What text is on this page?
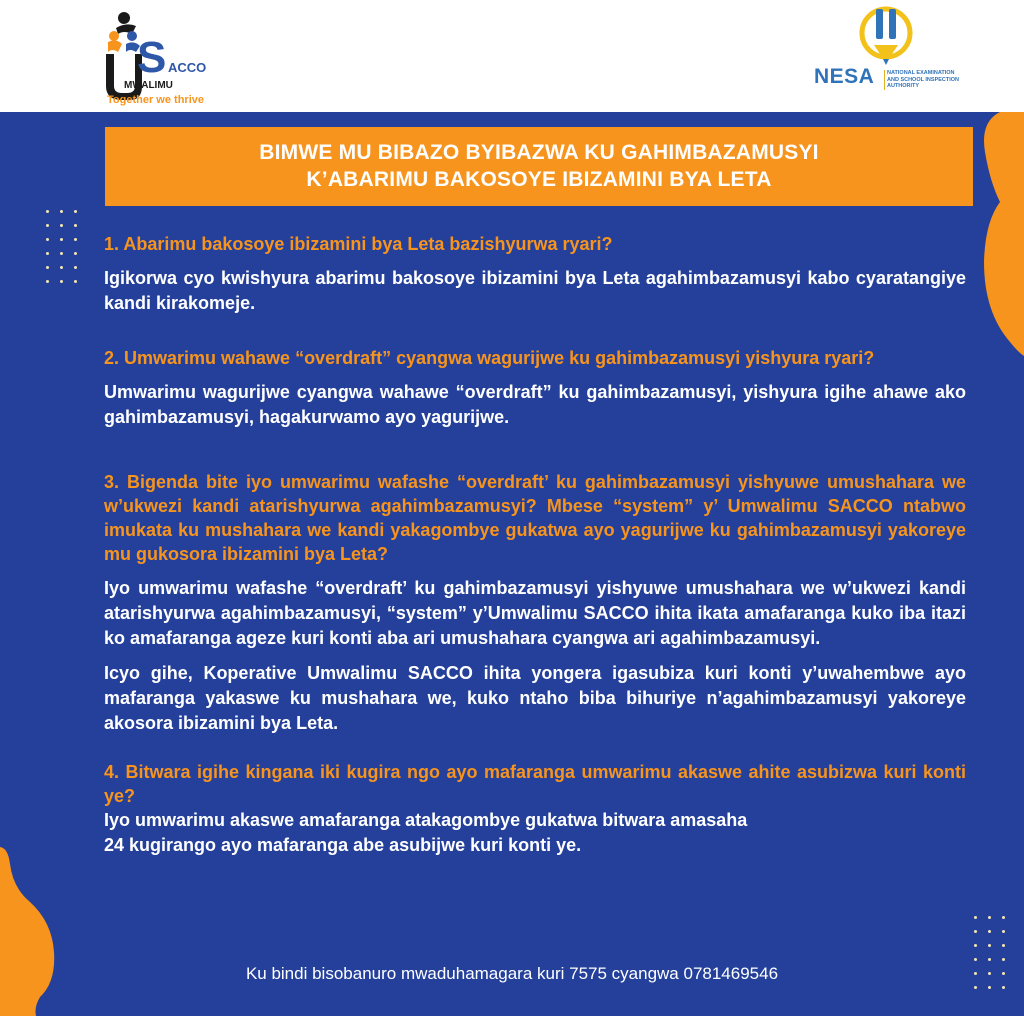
S ACCO
MWALIMU
Together we thrive
NESA NATIONAL EXAMINATION
AND SCHOOL INSPECTION
AUTHORITY
BIMWE MU BIBAZO BYIBAZWA KU GAHIMBAZAMUSYI
K’ABARIMU BAKOSOYE IBIZAMINI BYA LETA

1. Abarimu bakosoye ibizamini bya Leta bazishyurwa ryari?

Igikorwa cyo kwishyura abarimu bakosoye ibizamini bya Leta agahimbazamusyi kabo cyaratangiye kandi kirakomeje.

2. Umwarimu wahawe “overdraft” cyangwa wagurijwe ku gahimbazamusyi yishyura ryari?

Umwarimu wagurijwe cyangwa wahawe “overdraft” ku gahimbazamusyi, yishyura igihe ahawe ako gahimbazamusyi, hagakurwamo ayo yagurijwe.

3. Bigenda bite iyo umwarimu wafashe “overdraft’ ku gahimbazamusyi yishyuwe umushahara we w’ukwezi kandi atarishyurwa agahimbazamusyi? Mbese “system” y’ Umwalimu SACCO ntabwo imukata ku mushahara we kandi yakagombye gukatwa ayo yagurijwe ku gahimbazamusyi yakoreye mu gukosora ibizamini bya Leta?

Iyo umwarimu wafashe “overdraft’ ku gahimbazamusyi yishyuwe umushahara we w’ukwezi kandi atarishyurwa agahimbazamusyi, “system” y’Umwalimu SACCO ihita ikata amafaranga kuko iba itazi ko amafaranga ageze kuri konti aba ari umushahara cyangwa ari agahimbazamusyi.

Icyo gihe, Koperative Umwalimu SACCO ihita yongera igasubiza kuri konti y’uwahembwe ayo mafaranga yakaswe ku mushahara we, kuko ntaho biba bihuriye n’agahimbazamusyi yakoreye akosora ibizamini bya Leta.

4. Bitwara igihe kingana iki kugira ngo ayo mafaranga umwarimu akaswe ahite asubizwa kuri konti ye?

Iyo umwarimu akaswe amafaranga atakagombye gukatwa bitwara amasaha

24 kugirango ayo mafaranga abe asubijwe kuri konti ye.

Ku bindi bisobanuro mwaduhamagara kuri 7575 cyangwa 0781469546
